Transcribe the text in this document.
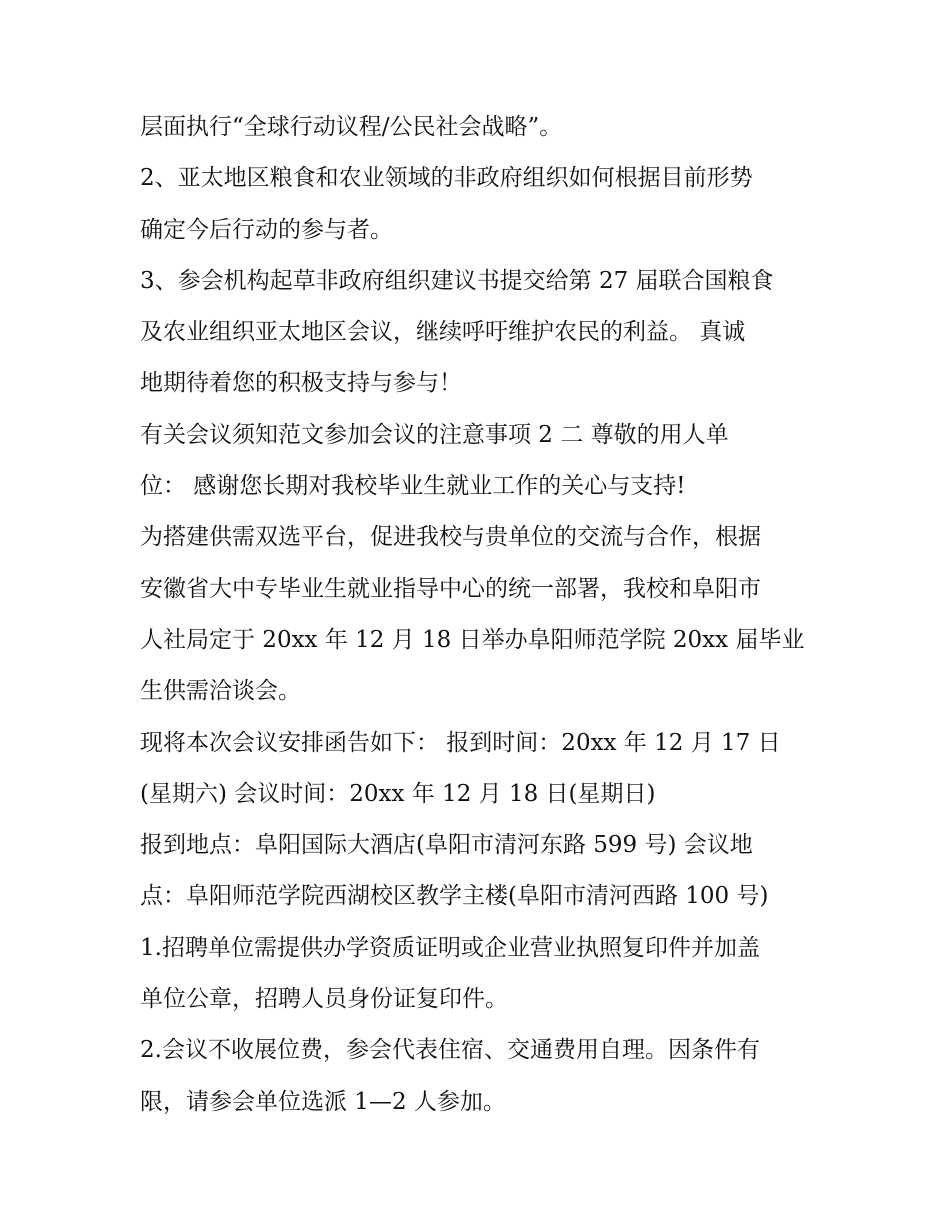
层面执行“全球行动议程/公民社会战略”。
2、亚太地区粮食和农业领域的非政府组织如何根据目前形势
确定今后行动的参与者。
3、参会机构起草非政府组织建议书提交给第 27 届联合国粮食
及农业组织亚太地区会议，继续呼吁维护农民的利益。 真诚
地期待着您的积极支持与参与！
有关会议须知范文参加会议的注意事项 2 二 尊敬的用人单
位： 感谢您长期对我校毕业生就业工作的关心与支持!
为搭建供需双选平台，促进我校与贵单位的交流与合作，根据
安徽省大中专毕业生就业指导中心的统一部署，我校和阜阳市
人社局定于 20xx 年 12 月 18 日举办阜阳师范学院 20xx 届毕业
生供需洽谈会。
现将本次会议安排函告如下： 报到时间：20xx 年 12 月 17 日
(星期六) 会议时间：20xx 年 12 月 18 日(星期日)
报到地点：阜阳国际大酒店(阜阳市清河东路 599 号) 会议地
点：阜阳师范学院西湖校区教学主楼(阜阳市清河西路 100 号)
1.招聘单位需提供办学资质证明或企业营业执照复印件并加盖
单位公章，招聘人员身份证复印件。
2.会议不收展位费，参会代表住宿、交通费用自理。因条件有
限，请参会单位选派 1—2 人参加。
